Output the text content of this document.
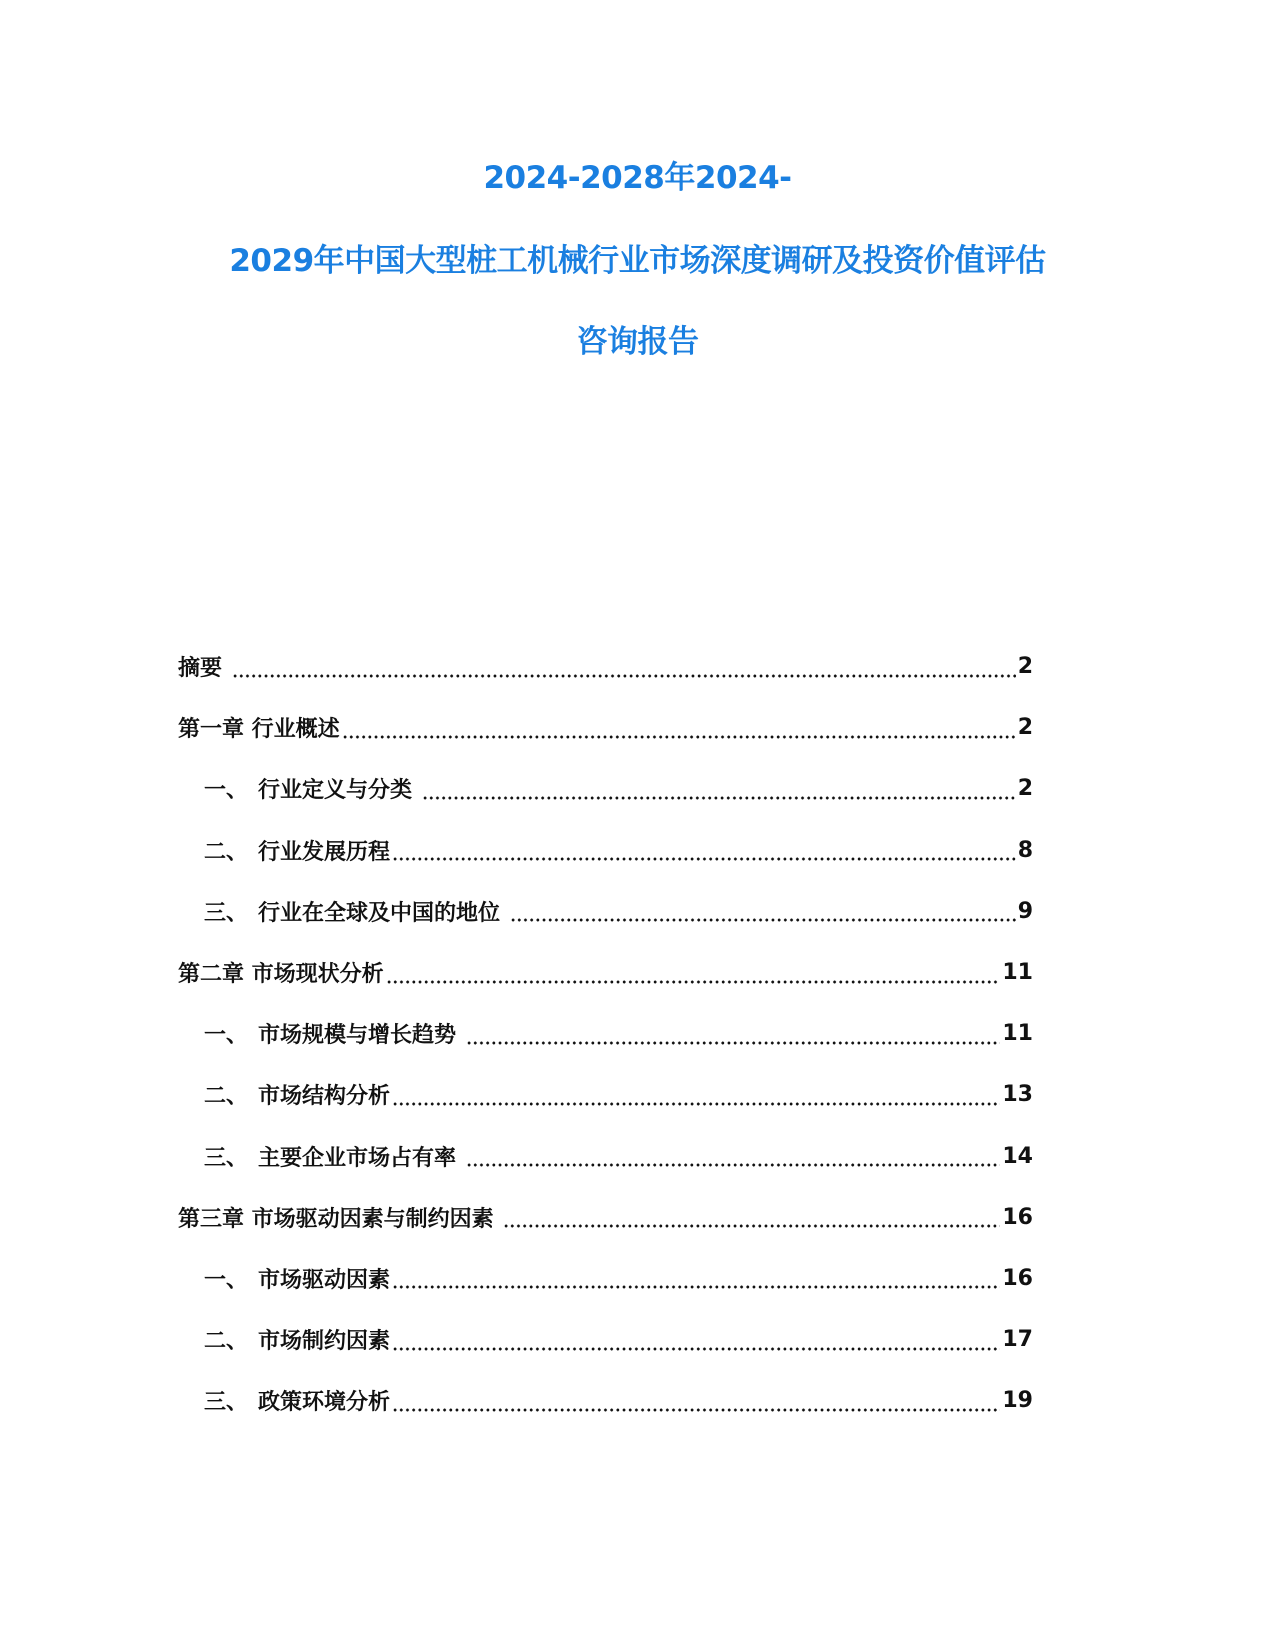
2024-2028年2024-
2029年中国大型桩工机械行业市场深度调研及投资价值评估
咨询报告
摘要	2
第一章 行业概述	2
一、 行业定义与分类	2
二、 行业发展历程	8
三、 行业在全球及中国的地位	9
第二章 市场现状分析	11
一、 市场规模与增长趋势	11
二、 市场结构分析	13
三、 主要企业市场占有率	14
第三章 市场驱动因素与制约因素	16
一、 市场驱动因素	16
二、 市场制约因素	17
三、 政策环境分析	19
